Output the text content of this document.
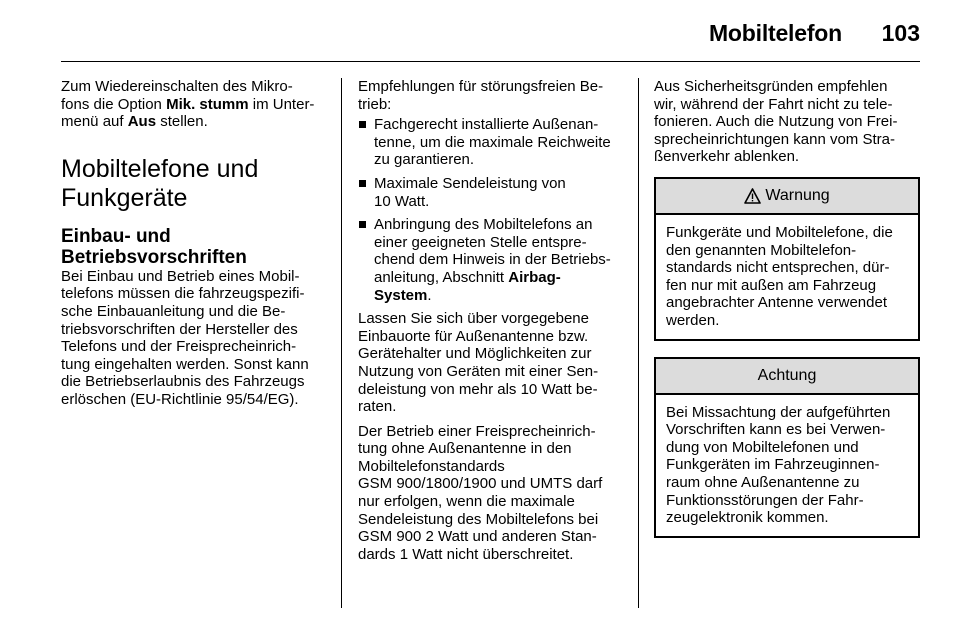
Mobiltelefon 103

Zum Wiedereinschalten des Mikro-
fons die Option Mik. stumm im Unter-
menü auf Aus stellen.

Mobiltelefone und
Funkgeräte
Einbau- und
Betriebsvorschriften

Bei Einbau und Betrieb eines Mobil-
telefons müssen die fahrzeugspezifi-
sche Einbauanleitung und die Be-
triebsvorschriften der Hersteller des
Telefons und der Freisprecheinrich-
tung eingehalten werden. Sonst kann
die Betriebserlaubnis des Fahrzeugs
erlöschen (EU-Richtlinie 95/54/EG).

Empfehlungen für störungsfreien Be-
trieb:

Fachgerecht installierte Außenan-
tenne, um die maximale Reichweite
zu garantieren.
Maximale Sendeleistung von
10 Watt.
Anbringung des Mobiltelefons an
einer geeigneten Stelle entspre-
chend dem Hinweis in der Betriebs-
anleitung, Abschnitt Airbag-
System.

Lassen Sie sich über vorgegebene
Einbauorte für Außenantenne bzw.
Gerätehalter und Möglichkeiten zur
Nutzung von Geräten mit einer Sen-
deleistung von mehr als 10 Watt be-
raten.

Der Betrieb einer Freisprecheinrich-
tung ohne Außenantenne in den
Mobiltelefonstandards
GSM 900/1800/1900 und UMTS darf
nur erfolgen, wenn die maximale
Sendeleistung des Mobiltelefons bei
GSM 900 2 Watt und anderen Stan-
dards 1 Watt nicht überschreitet.

Aus Sicherheitsgründen empfehlen
wir, während der Fahrt nicht zu tele-
fonieren. Auch die Nutzung von Frei-
sprecheinrichtungen kann vom Stra-
ßenverkehr ablenken.

Warnung
Funkgeräte und Mobiltelefone, die
den genannten Mobiltelefon-
standards nicht entsprechen, dür-
fen nur mit außen am Fahrzeug
angebrachter Antenne verwendet
werden.
Achtung
Bei Missachtung der aufgeführten
Vorschriften kann es bei Verwen-
dung von Mobiltelefonen und
Funkgeräten im Fahrzeuginnen-
raum ohne Außenantenne zu
Funktionsstörungen der Fahr-
zeugelektronik kommen.
